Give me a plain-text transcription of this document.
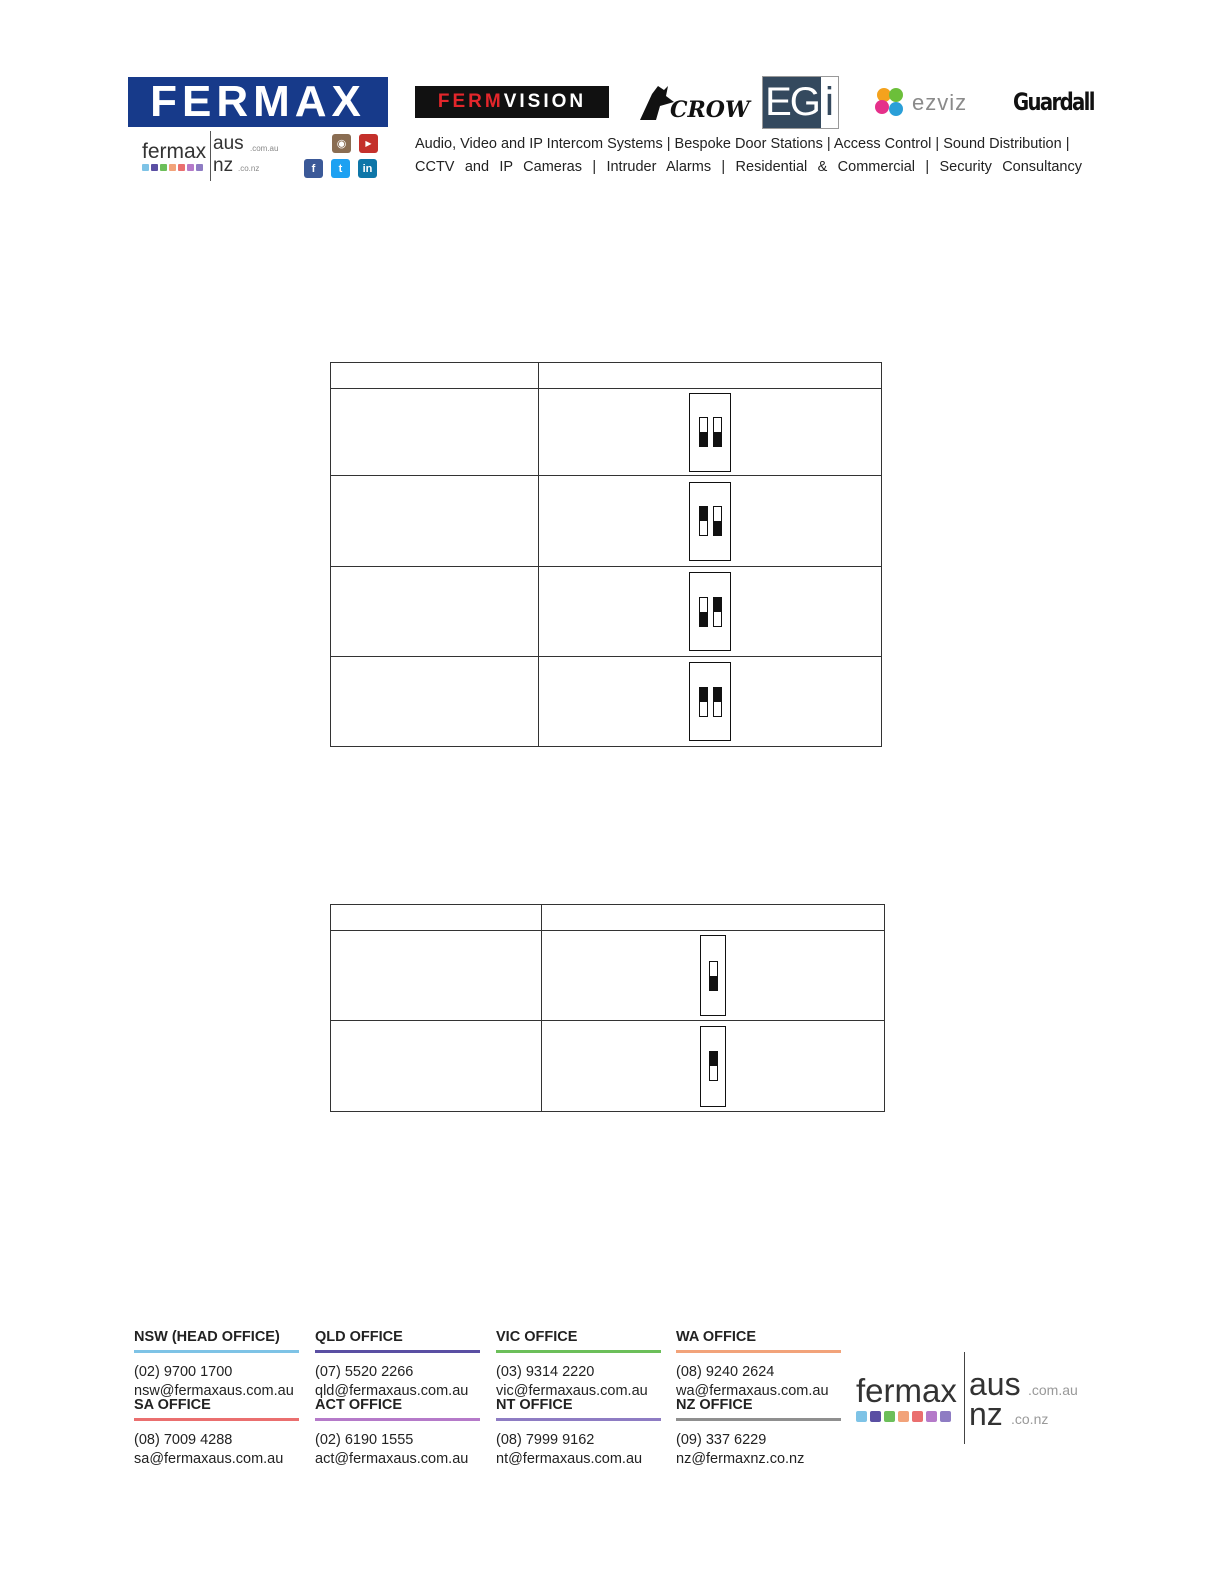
FERMAX
fermax aus .com.au
nz .co.nz
◉	▶
f	t	in
FERM VISION	CROW EG i	ezviz Guardall
Audio, Video and IP Intercom Systems | Bespoke Door Stations | Access Control | Sound Distribution |
CCTV and IP Cameras | Intruder Alarms | Residential & Commercial | Security Consultancy

NSW (HEAD OFFICE)
(02) 9700 1700
nsw@fermaxaus.com.au
QLD OFFICE
(07) 5520 2266
qld@fermaxaus.com.au
VIC OFFICE
(03) 9314 2220
vic@fermaxaus.com.au
WA OFFICE
(08) 9240 2624
wa@fermaxaus.com.au
SA OFFICE
(08) 7009 4288
sa@fermaxaus.com.au
ACT OFFICE
(02) 6190 1555
act@fermaxaus.com.au
NT OFFICE
(08) 7999 9162
nt@fermaxaus.com.au
NZ OFFICE
(09) 337 6229
nz@fermaxnz.co.nz
fermax aus .com.au
nz .co.nz
